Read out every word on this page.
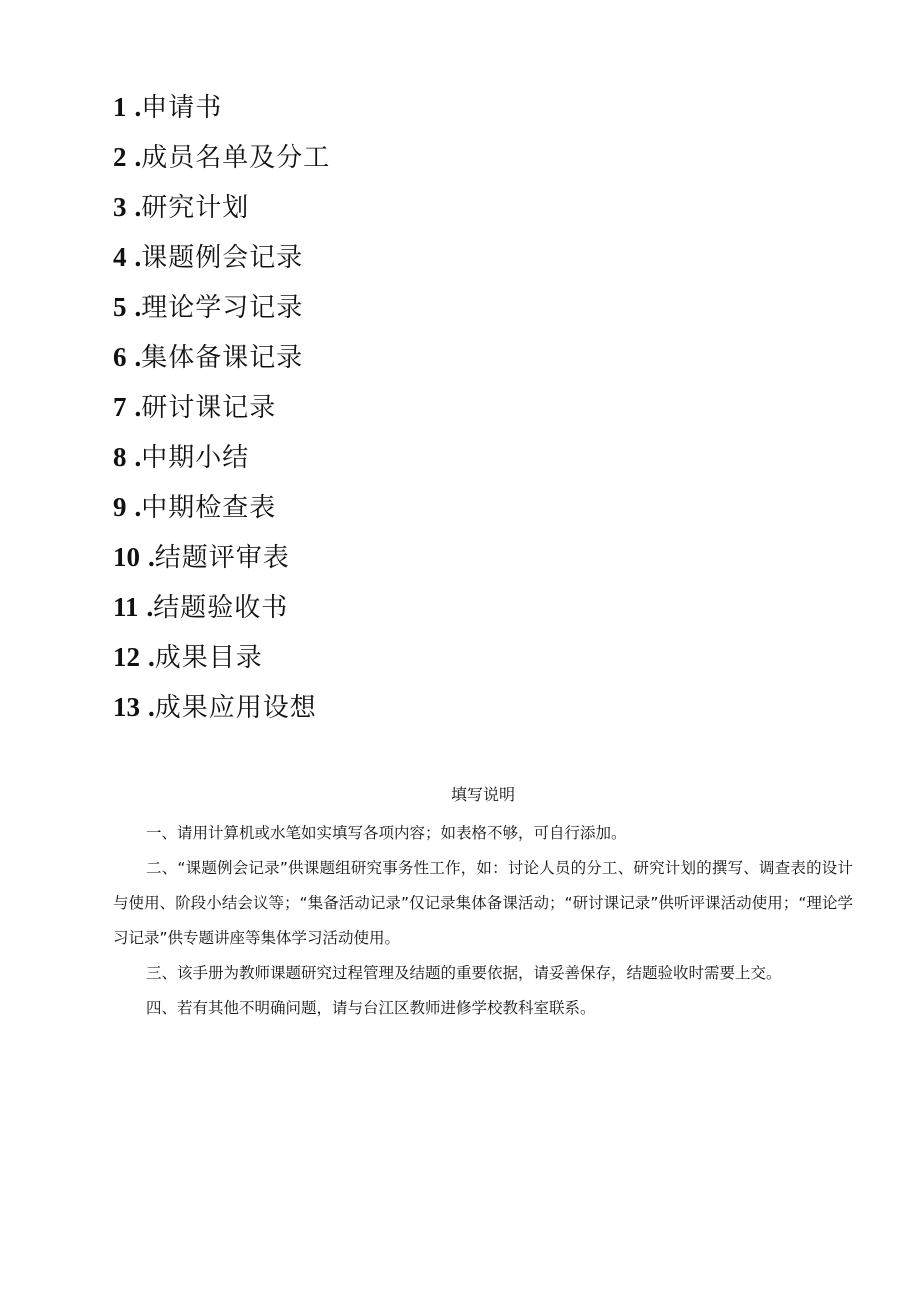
1 . 申请书
2 . 成员名单及分工
3 . 研究计划
4 . 课题例会记录
5 . 理论学习记录
6 . 集体备课记录
7 . 研讨课记录
8 . 中期小结
9 . 中期检查表
10 . 结题评审表
11 . 结题验收书
12 . 成果目录
13 . 成果应用设想
填写说明

一、请用计算机或水笔如实填写各项内容；如表格不够，可自行添加。

二、“课题例会记录”供课题组研究事务性工作，如：讨论人员的分工、研究计划的撰写、调查表的设计与使用、阶段小结会议等；“集备活动记录”仅记录集体备课活动；“研讨课记录”供听评课活动使用；“理论学习记录”供专题讲座等集体学习活动使用。

三、该手册为教师课题研究过程管理及结题的重要依据，请妥善保存，结题验收时需要上交。

四、若有其他不明确问题，请与台江区教师进修学校教科室联系。
